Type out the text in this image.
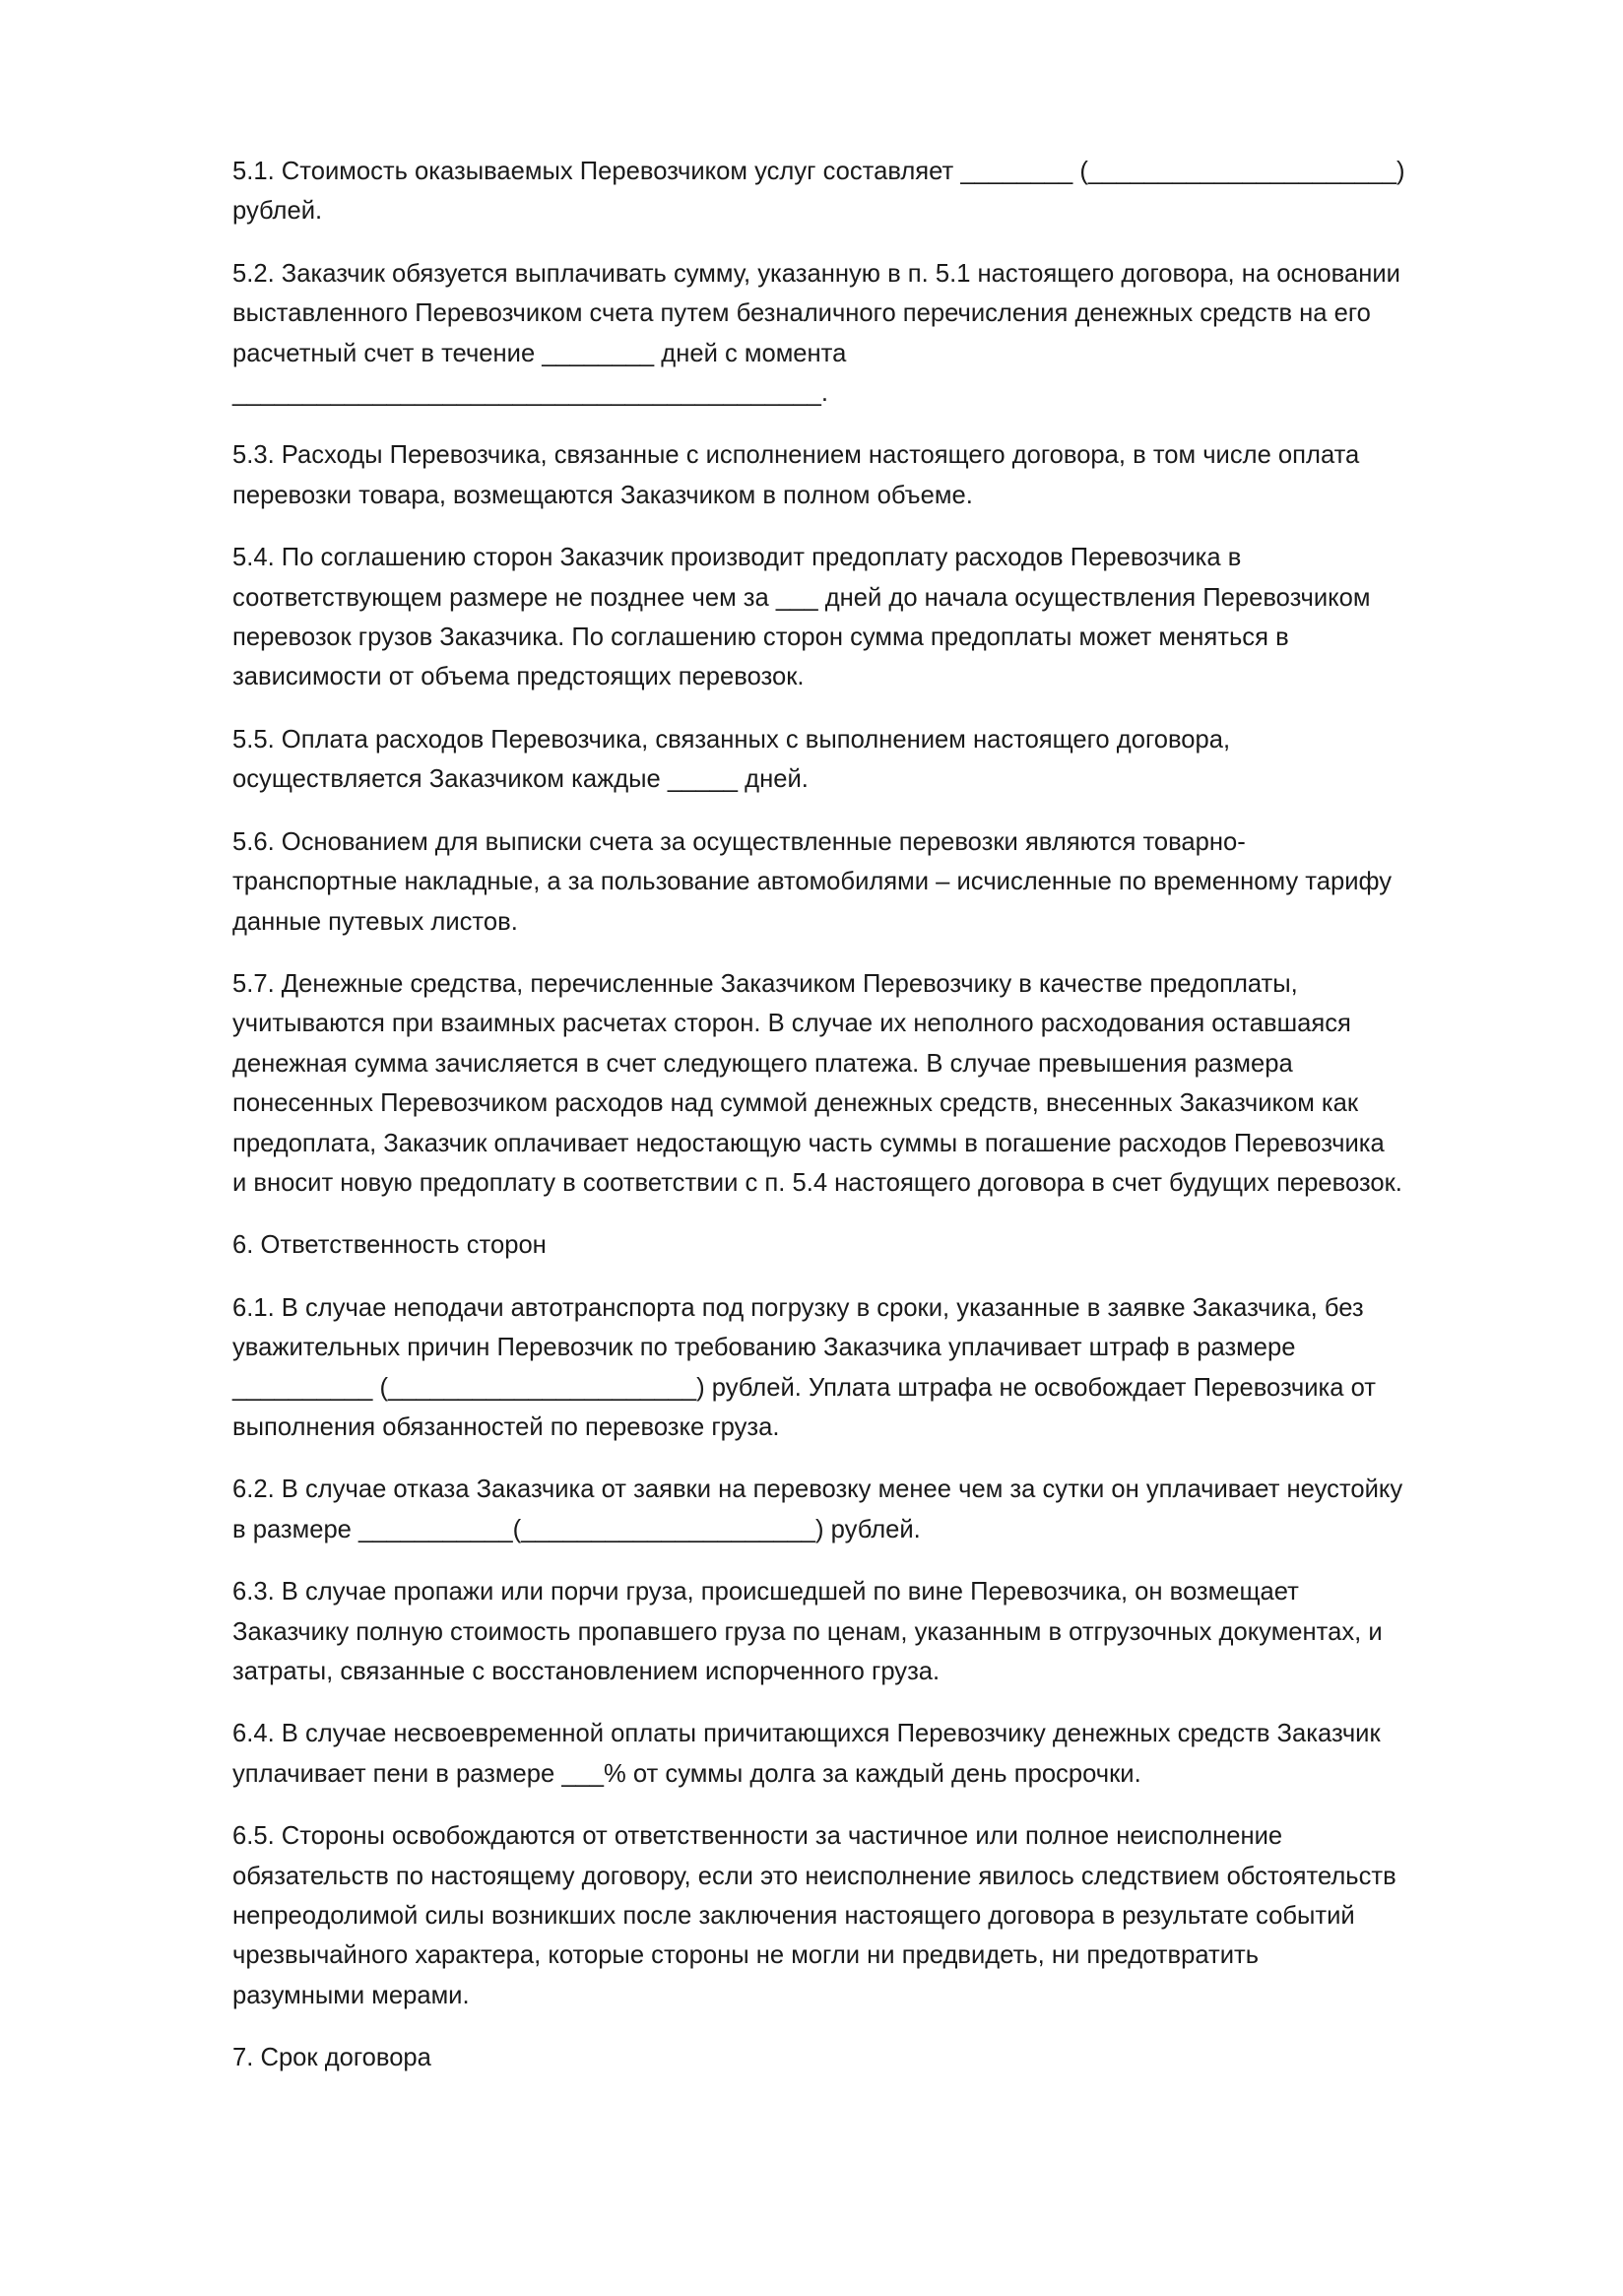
5.1. Стоимость оказываемых Перевозчиком услуг составляет ________ (______________________)
рублей.

5.2. Заказчик обязуется выплачивать сумму, указанную в п. 5.1 настоящего договора, на основании
выставленного Перевозчиком счета путем безналичного перечисления денежных средств на его
расчетный счет в течение ________ дней с момента
__________________________________________.

5.3. Расходы Перевозчика, связанные с исполнением настоящего договора, в том числе оплата
перевозки товара, возмещаются Заказчиком в полном объеме.

5.4. По соглашению сторон Заказчик производит предоплату расходов Перевозчика в
соответствующем размере не позднее чем за ___ дней до начала осуществления Перевозчиком
перевозок грузов Заказчика. По соглашению сторон сумма предоплаты может меняться в
зависимости от объема предстоящих перевозок.

5.5. Оплата расходов Перевозчика, связанных с выполнением настоящего договора,
осуществляется Заказчиком каждые _____ дней.

5.6. Основанием для выписки счета за осуществленные перевозки являются товарно-
транспортные накладные, а за пользование автомобилями – исчисленные по временному тарифу
данные путевых листов.

5.7. Денежные средства, перечисленные Заказчиком Перевозчику в качестве предоплаты,
учитываются при взаимных расчетах сторон. В случае их неполного расходования оставшаяся
денежная сумма зачисляется в счет следующего платежа. В случае превышения размера
понесенных Перевозчиком расходов над суммой денежных средств, внесенных Заказчиком как
предоплата, Заказчик оплачивает недостающую часть суммы в погашение расходов Перевозчика
и вносит новую предоплату в соответствии с п. 5.4 настоящего договора в счет будущих перевозок.

6. Ответственность сторон

6.1. В случае неподачи автотранспорта под погрузку в сроки, указанные в заявке Заказчика, без
уважительных причин Перевозчик по требованию Заказчика уплачивает штраф в размере
__________ (______________________) рублей. Уплата штрафа не освобождает Перевозчика от
выполнения обязанностей по перевозке груза.

6.2. В случае отказа Заказчика от заявки на перевозку менее чем за сутки он уплачивает неустойку
в размере ___________(_____________________) рублей.

6.3. В случае пропажи или порчи груза, происшедшей по вине Перевозчика, он возмещает
Заказчику полную стоимость пропавшего груза по ценам, указанным в отгрузочных документах, и
затраты, связанные с восстановлением испорченного груза.

6.4. В случае несвоевременной оплаты причитающихся Перевозчику денежных средств Заказчик
уплачивает пени в размере ___% от суммы долга за каждый день просрочки.

6.5. Стороны освобождаются от ответственности за частичное или полное неисполнение
обязательств по настоящему договору, если это неисполнение явилось следствием обстоятельств
непреодолимой силы возникших после заключения настоящего договора в результате событий
чрезвычайного характера, которые стороны не могли ни предвидеть, ни предотвратить
разумными мерами.

7. Срок договора
